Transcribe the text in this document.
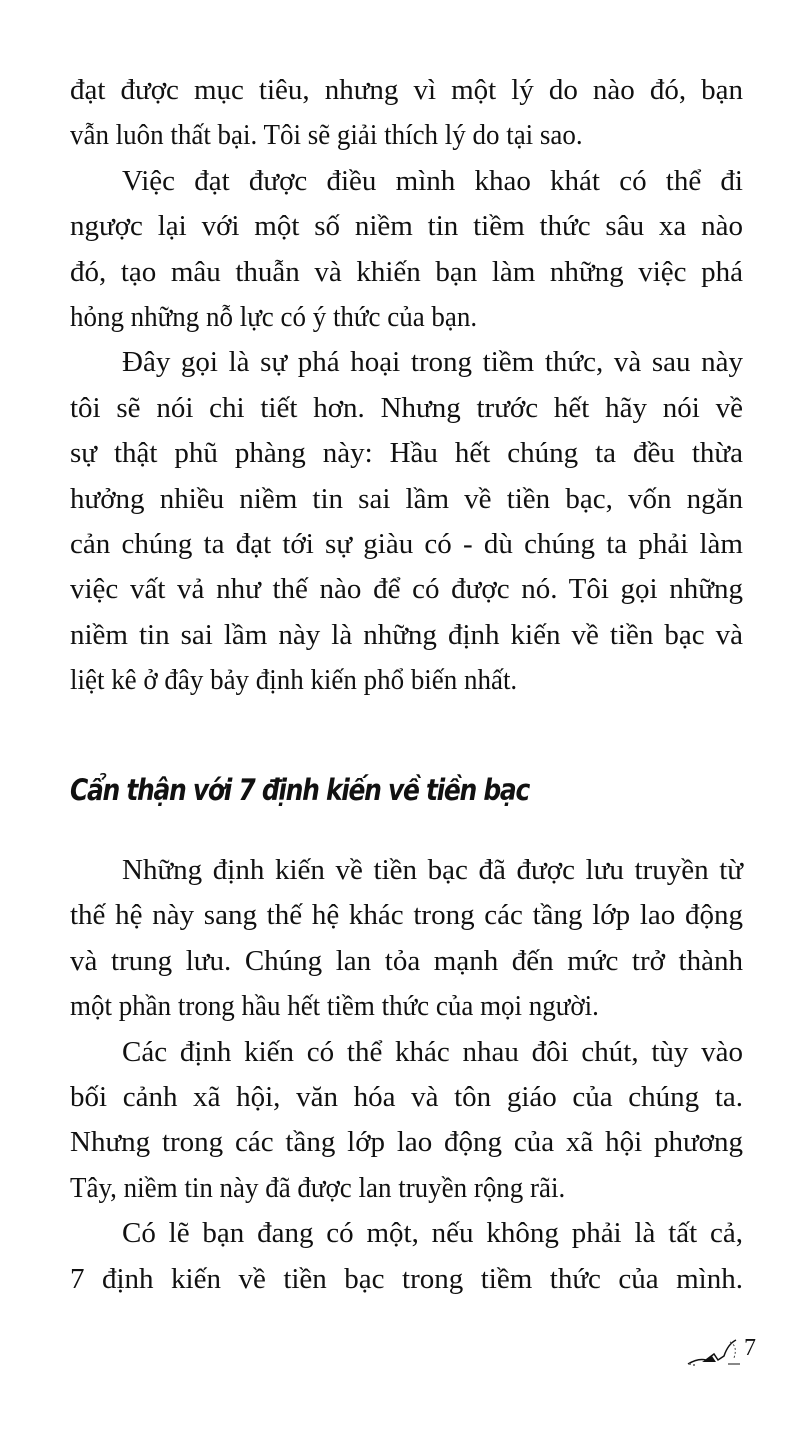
Cẩn thận với 7 định kiến về tiền bạc
7
đạt được mục tiêu, nhưng vì một lý do nào đó, bạn
vẫn luôn thất bại. Tôi sẽ giải thích lý do tại sao.
Việc đạt được điều mình khao khát có thể đi
ngược lại với một số niềm tin tiềm thức sâu xa nào
đó, tạo mâu thuẫn và khiến bạn làm những việc phá
hỏng những nỗ lực có ý thức của bạn.
Đây gọi là sự phá hoại trong tiềm thức, và sau này
tôi sẽ nói chi tiết hơn. Nhưng trước hết hãy nói về
sự thật phũ phàng này: Hầu hết chúng ta đều thừa
hưởng nhiều niềm tin sai lầm về tiền bạc, vốn ngăn
cản chúng ta đạt tới sự giàu có - dù chúng ta phải làm
việc vất vả như thế nào để có được nó. Tôi gọi những
niềm tin sai lầm này là những định kiến về tiền bạc và
liệt kê ở đây bảy định kiến phổ biến nhất.
Những định kiến về tiền bạc đã được lưu truyền từ
thế hệ này sang thế hệ khác trong các tầng lớp lao động
và trung lưu. Chúng lan tỏa mạnh đến mức trở thành
một phần trong hầu hết tiềm thức của mọi người.
Các định kiến có thể khác nhau đôi chút, tùy vào
bối cảnh xã hội, văn hóa và tôn giáo của chúng ta.
Nhưng trong các tầng lớp lao động của xã hội phương
Tây, niềm tin này đã được lan truyền rộng rãi.
Có lẽ bạn đang có một, nếu không phải là tất cả,
7 định kiến về tiền bạc trong tiềm thức của mình.
